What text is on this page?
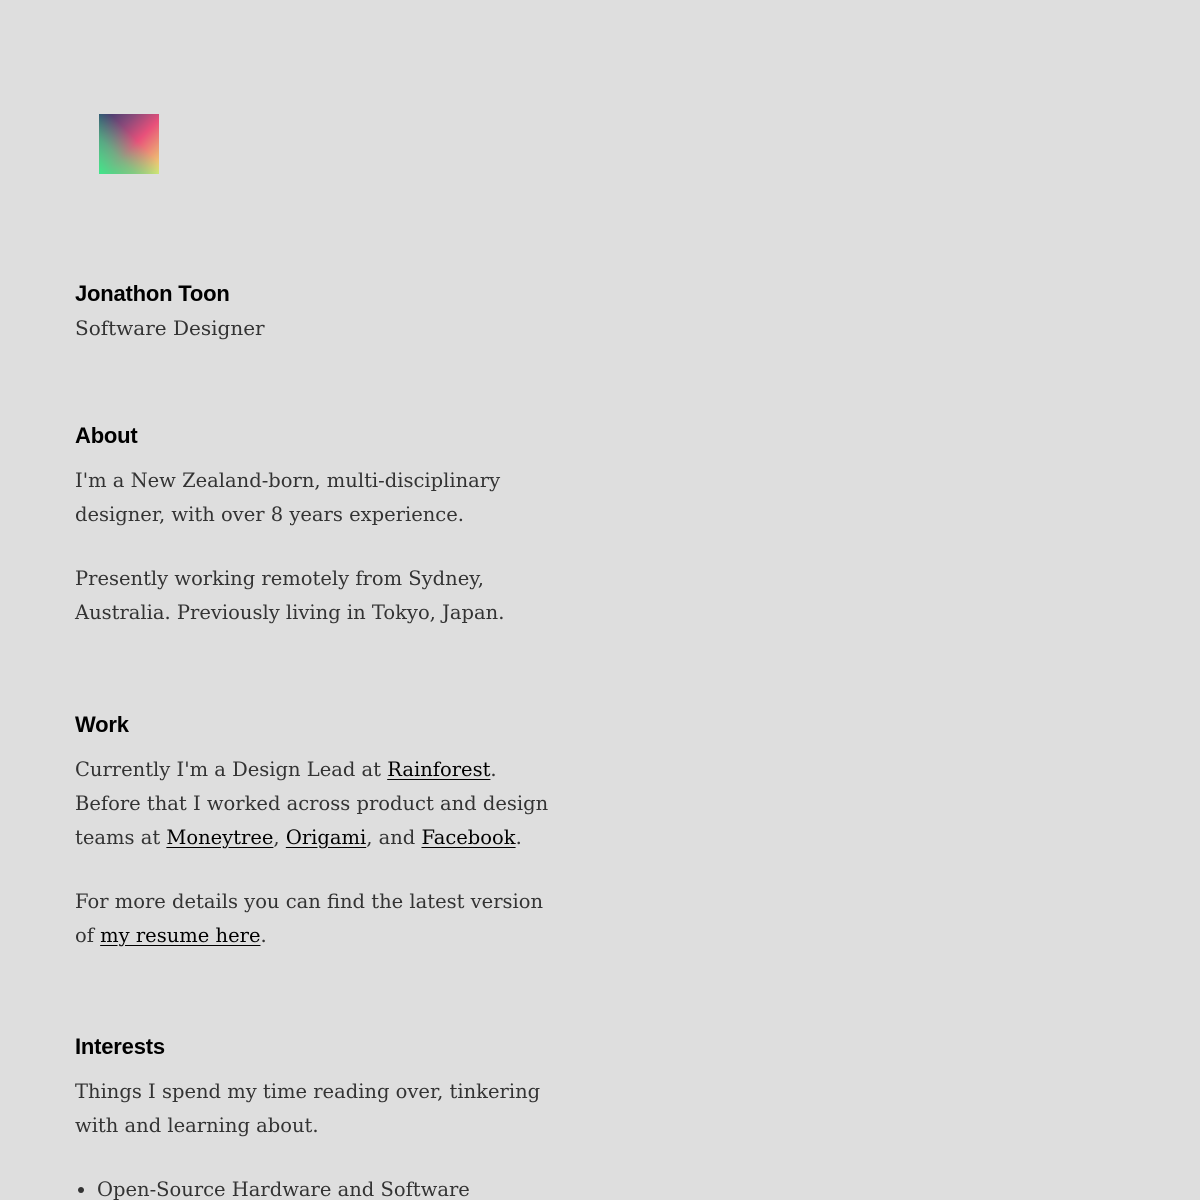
Jonathon Toon

Software Designer

About

I'm a New Zealand-born, multi-disciplinary designer, with over 8 years experience.

Presently working remotely from Sydney, Australia. Previously living in Tokyo, Japan.

Work

Currently I'm a Design Lead at Rainforest. Before that I worked across product and design teams at Moneytree, Origami, and Facebook.

For more details you can find the latest version of my resume here.

Interests

Things I spend my time reading over, tinkering with and learning about.

• Open-Source Hardware and Software
